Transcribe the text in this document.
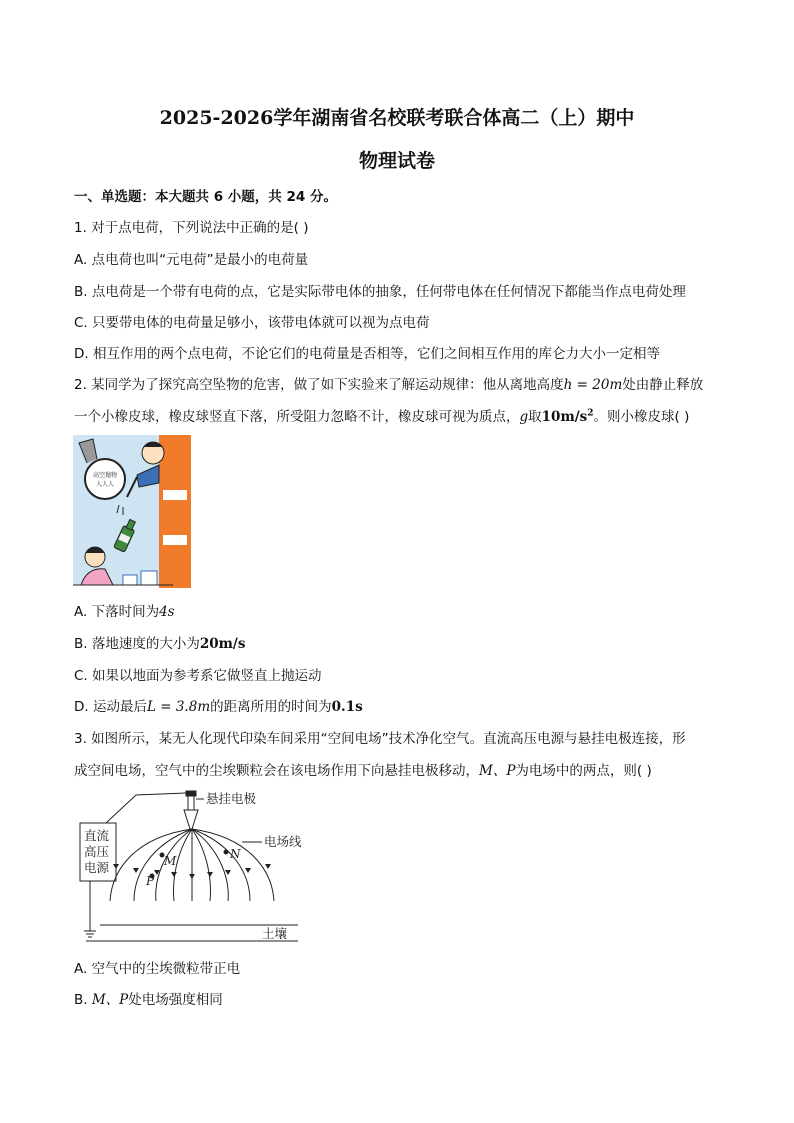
2025-2026学年湖南省名校联考联合体高二（上）期中
物理试卷
一、单选题：本大题共 6 小题，共 24 分。
1. 对于点电荷，下列说法中正确的是( )
A. 点电荷也叫“元电荷”是最小的电荷量
B. 点电荷是一个带有电荷的点，它是实际带电体的抽象，任何带电体在任何情况下都能当作点电荷处理
C. 只要带电体的电荷量足够小，该带电体就可以视为点电荷
D. 相互作用的两个点电荷，不论它们的电荷量是否相等，它们之间相互作用的库仑力大小一定相等
2. 某同学为了探究高空坠物的危害，做了如下实验来了解运动规律：他从离地高度h = 20m处由静止释放
一个小橡皮球，橡皮球竖直下落，所受阻力忽略不计，橡皮球可视为质点，g取$10m/s^2$。则小橡皮球( )
高空抛物
人人人
A. 下落时间为4s
B. 落地速度的大小为20m/s
C. 如果以地面为参考系它做竖直上抛运动
D. 运动最后L = 3.8m的距离所用的时间为0.1s
3. 如图所示，某无人化现代印染车间采用“空间电场”技术净化空气。直流高压电源与悬挂电极连接，形
成空间电场，空气中的尘埃颗粒会在该电场作用下向悬挂电极移动，M、P为电场中的两点，则( )
悬挂电极
电场线
直流
高压
电源
土壤
M	N
P
A. 空气中的尘埃微粒带正电
B. M、P处电场强度相同
